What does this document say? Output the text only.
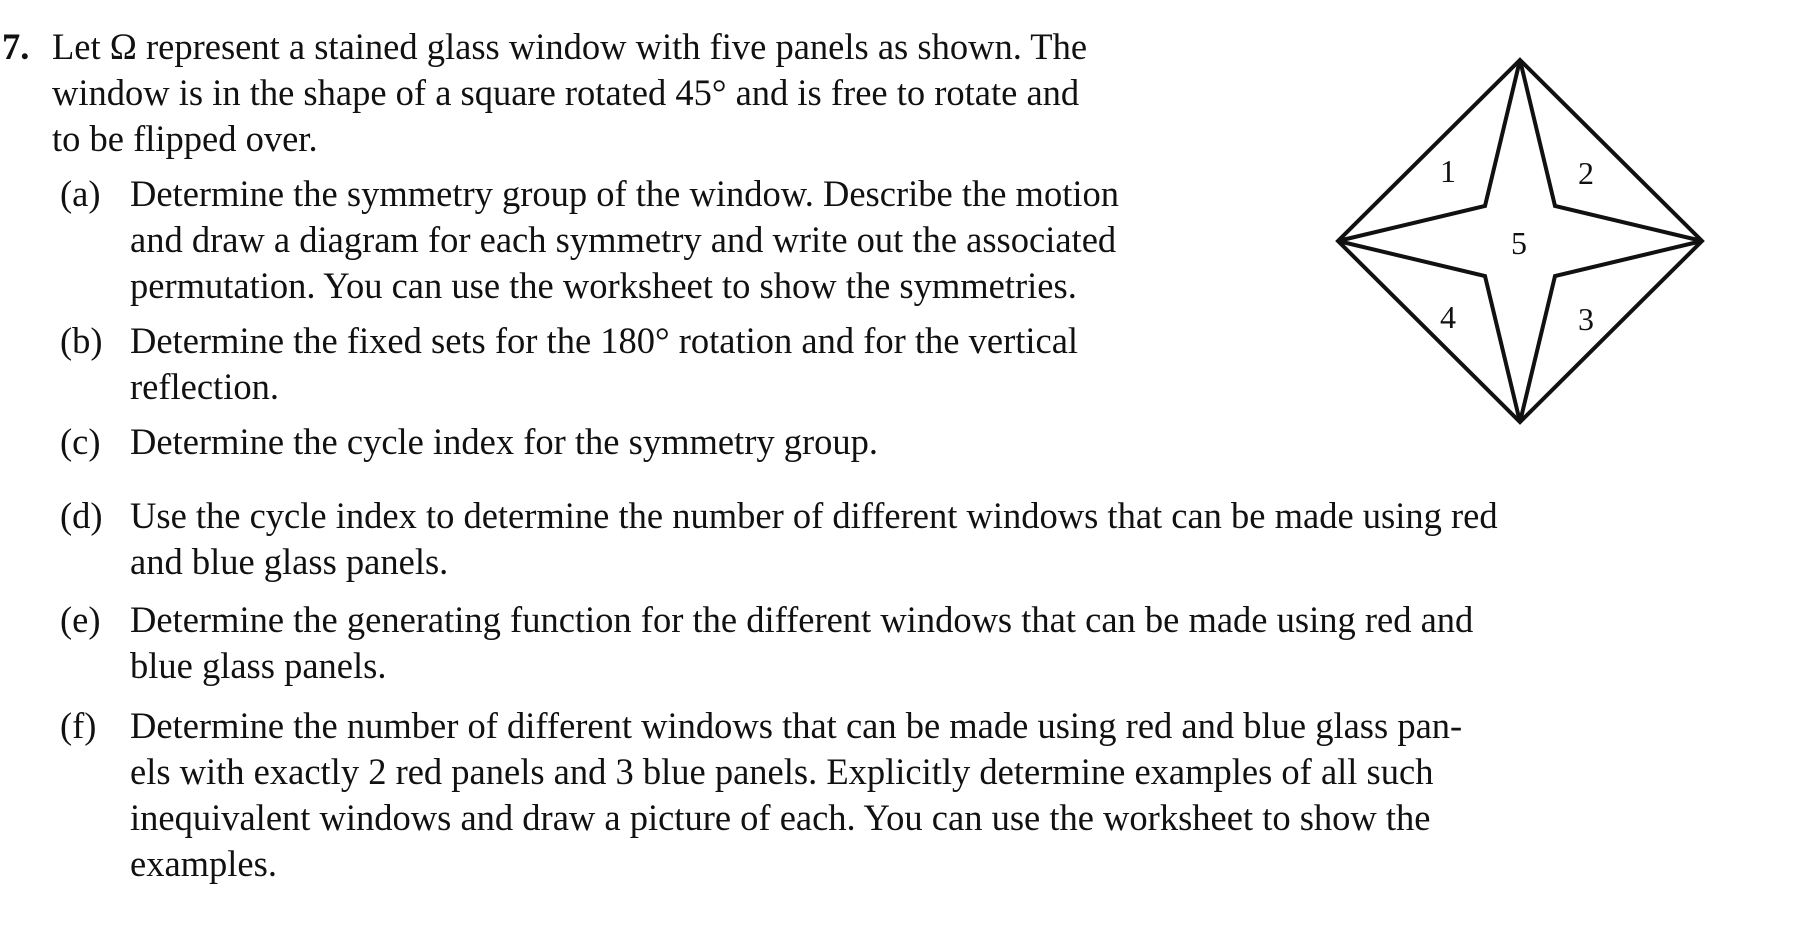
7. Let Ω represent a stained glass window with five panels as shown. The
window is in the shape of a square rotated 45° and is free to rotate and
to be flipped over.
(a) Determine the symmetry group of the window. Describe the motion
and draw a diagram for each symmetry and write out the associated
permutation. You can use the worksheet to show the symmetries.
(b) Determine the fixed sets for the 180° rotation and for the vertical
reflection.
(c) Determine the cycle index for the symmetry group.
(d) Use the cycle index to determine the number of different windows that can be made using red
and blue glass panels.
(e) Determine the generating function for the different windows that can be made using red and
blue glass panels.
(f) Determine the number of different windows that can be made using red and blue glass pan-
els with exactly 2 red panels and 3 blue panels. Explicitly determine examples of all such
inequivalent windows and draw a picture of each. You can use the worksheet to show the
examples.
1	2
3
4
5
